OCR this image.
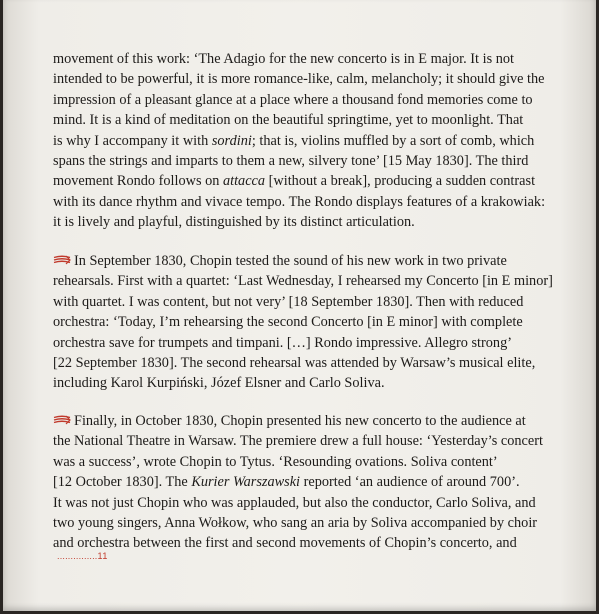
movement of this work: ‘The Adagio for the new concerto is in E major. It is not
intended to be powerful, it is more romance-like, calm, melancholy; it should give the
impression of a pleasant glance at a place where a thousand fond memories come to
mind. It is a kind of meditation on the beautiful springtime, yet to moonlight. That
is why I accompany it with sordini; that is, violins muffled by a sort of comb, which
spans the strings and imparts to them a new, silvery tone’ [15 May 1830]. The third
movement Rondo follows on attacca [without a break], producing a sudden contrast
with its dance rhythm and vivace tempo. The Rondo displays features of a krakowiak:
it is lively and playful, distinguished by its distinct articulation.

In September 1830, Chopin tested the sound of his new work in two private
rehearsals. First with a quartet: ‘Last Wednesday, I rehearsed my Concerto [in E minor]
with quartet. I was content, but not very’ [18 September 1830]. Then with reduced
orchestra: ‘Today, I’m rehearsing the second Concerto [in E minor] with complete
orchestra save for trumpets and timpani. […] Rondo impressive. Allegro strong’
[22 September 1830]. The second rehearsal was attended by Warsaw’s musical elite,
including Karol Kurpiński, Józef Elsner and Carlo Soliva.

Finally, in October 1830, Chopin presented his new concerto to the audience at
the National Theatre in Warsaw. The premiere drew a full house: ‘Yesterday’s concert
was a success’, wrote Chopin to Tytus. ‘Resounding ovations. Soliva content’
[12 October 1830]. The Kurier Warszawski reported ‘an audience of around 700’.
It was not just Chopin who was applauded, but also the conductor, Carlo Soliva, and
two young singers, Anna Wołkow, who sang an aria by Soliva accompanied by choir
and orchestra between the first and second movements of Chopin’s concerto, and

...............11
